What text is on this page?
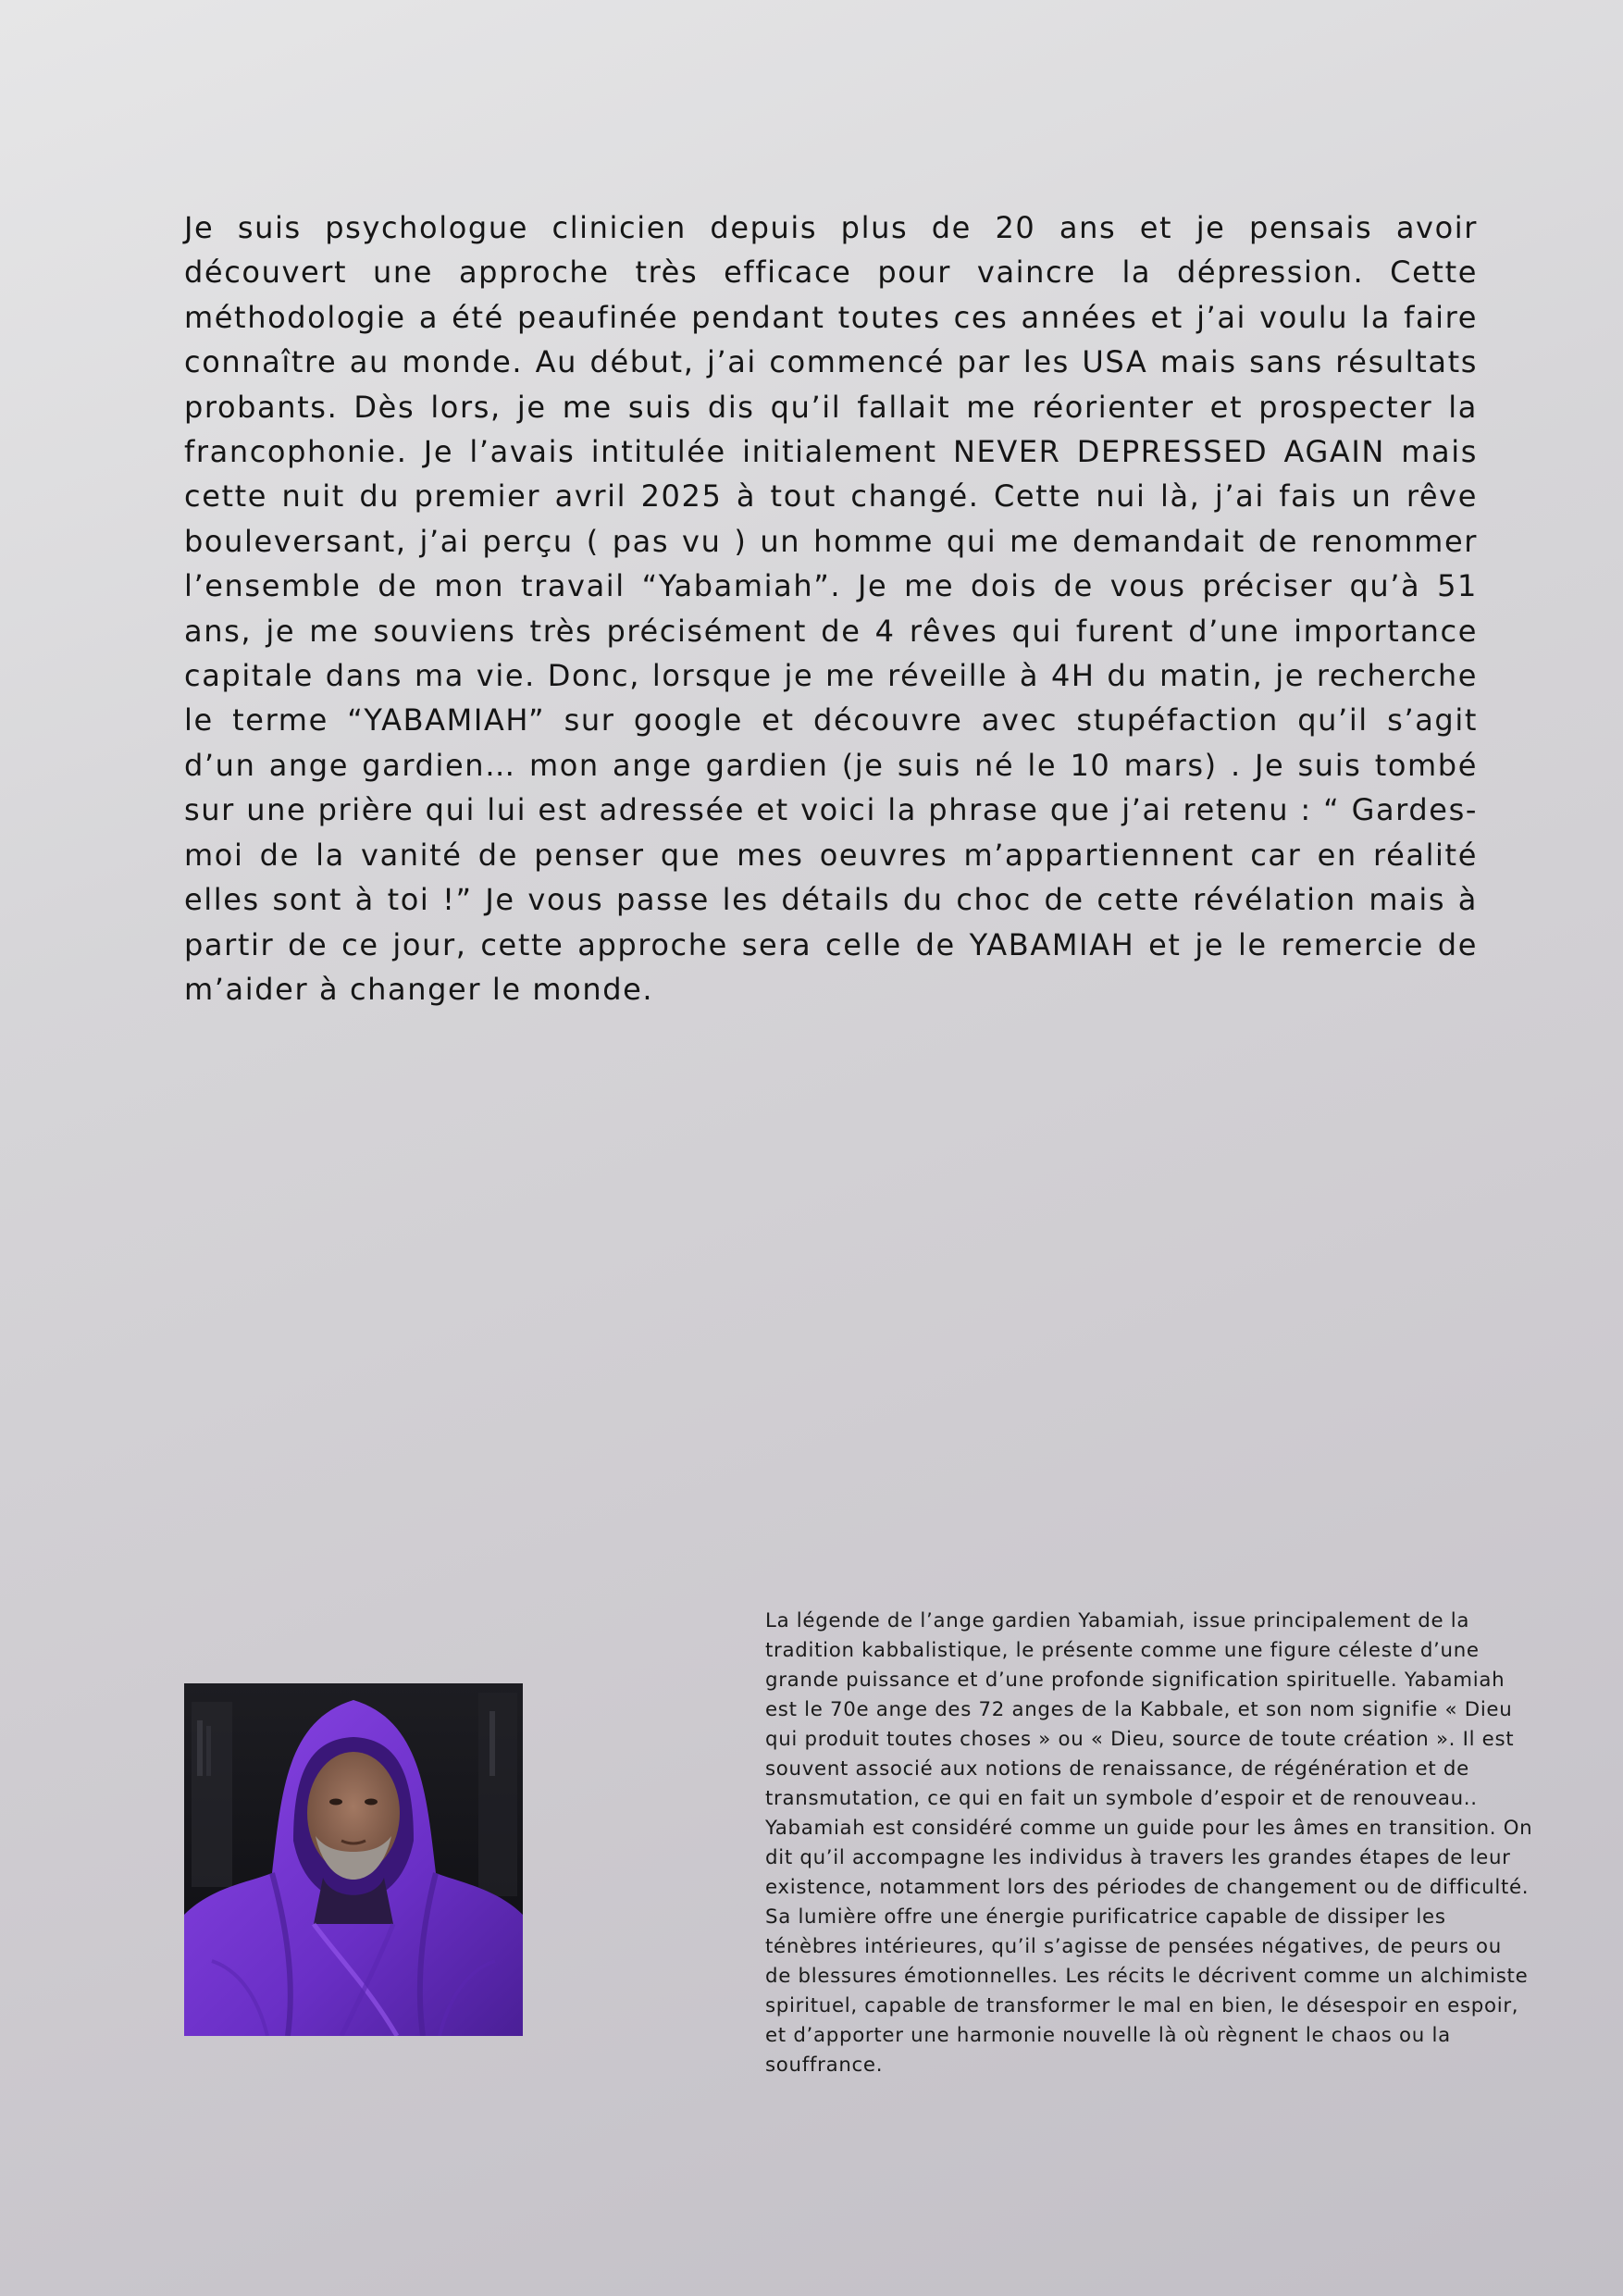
Je suis psychologue clinicien depuis plus de 20 ans et je pensais avoir découvert une approche très efficace pour vaincre la dépression. Cette méthodologie a été peaufinée pendant toutes ces années et j’ai voulu la faire connaître au monde. Au début, j’ai commencé par les USA mais sans résultats probants. Dès lors, je me suis dis qu’il fallait me réorienter et prospecter la francophonie. Je l’avais intitulée initialement NEVER DEPRESSED AGAIN mais cette nuit du premier avril 2025 à tout changé. Cette nui là, j’ai fais un rêve bouleversant, j’ai perçu ( pas vu ) un homme qui me demandait de renommer l’ensemble de mon travail “Yabamiah”. Je me dois de vous préciser qu’à 51 ans, je me souviens très précisément de 4 rêves qui furent d’une importance capitale dans ma vie. Donc, lorsque je me réveille à 4H du matin, je recherche le terme “YABAMIAH” sur google et découvre avec stupéfaction qu’il s’agit d’un ange gardien… mon ange gardien (je suis né le 10 mars) . Je suis tombé sur une prière qui lui est adressée et voici la phrase que j’ai retenu : “ Gardes-moi de la vanité de penser que mes oeuvres m’appartiennent car en réalité elles sont à toi !” Je vous passe les détails du choc de cette révélation mais à partir de ce jour, cette approche sera celle de YABAMIAH et je le remercie de m’aider à changer le monde.

La légende de l’ange gardien Yabamiah, issue principalement de la tradition kabbalistique, le présente comme une figure céleste d’une grande puissance et d’une profonde signification spirituelle. Yabamiah est le 70e ange des 72 anges de la Kabbale, et son nom signifie « Dieu qui produit toutes choses » ou « Dieu, source de toute création ». Il est souvent associé aux notions de renaissance, de régénération et de transmutation, ce qui en fait un symbole d’espoir et de renouveau..

Yabamiah est considéré comme un guide pour les âmes en transition. On dit qu’il accompagne les individus à travers les grandes étapes de leur existence, notamment lors des périodes de changement ou de difficulté. Sa lumière offre une énergie purificatrice capable de dissiper les ténèbres intérieures, qu’il s’agisse de pensées négatives, de peurs ou de blessures émotionnelles. Les récits le décrivent comme un alchimiste spirituel, capable de transformer le mal en bien, le désespoir en espoir, et d’apporter une harmonie nouvelle là où règnent le chaos ou la souffrance.
